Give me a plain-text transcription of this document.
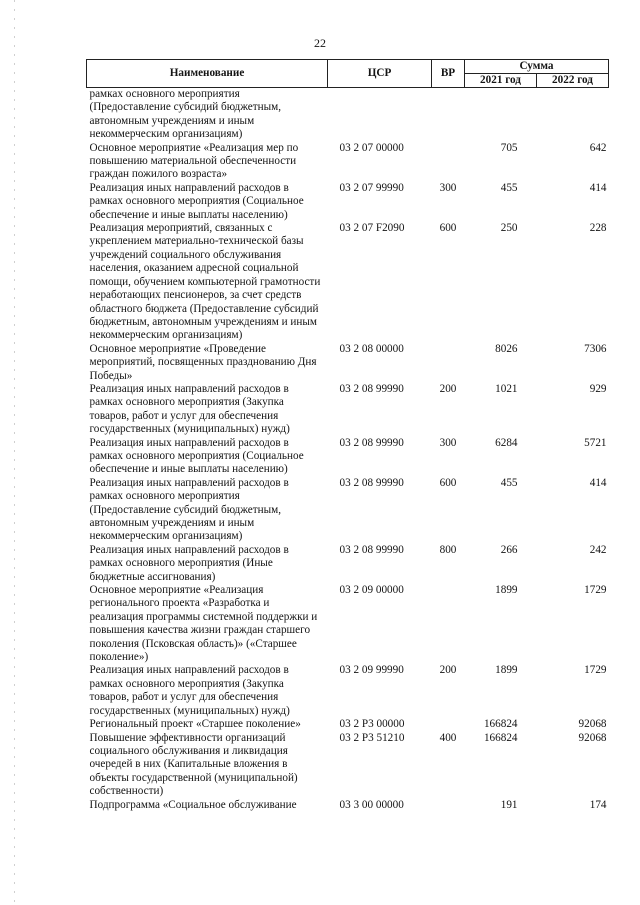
22
Наименование	ЦСР	ВР	Сумма	
			2021 год	2022 год
рамках основного мероприятия (Предоставление субсидий бюджетным, автономным учреждениям и иным некоммерческим организациям)				
Основное мероприятие «Реализация мер по повышению материальной обеспеченности граждан пожилого возраста»	03 2 07 00000		705	642
Реализация иных направлений расходов в рамках основного мероприятия (Социальное обеспечение и иные выплаты населению)	03 2 07 99990	300	455	414
Реализация мероприятий, связанных с укреплением материально-технической базы учреждений социального обслуживания населения, оказанием адресной социальной помощи, обучением компьютерной грамотности неработающих пенсионеров, за счет средств областного бюджета (Предоставление субсидий бюджетным, автономным учреждениям и иным некоммерческим организациям)	03 2 07 F2090	600	250	228
Основное мероприятие «Проведение мероприятий, посвященных празднованию Дня Победы»	03 2 08 00000		8026	7306
Реализация иных направлений расходов в рамках основного мероприятия (Закупка товаров, работ и услуг для обеспечения государственных (муниципальных) нужд)	03 2 08 99990	200	1021	929
Реализация иных направлений расходов в рамках основного мероприятия (Социальное обеспечение и иные выплаты населению)	03 2 08 99990	300	6284	5721
Реализация иных направлений расходов в рамках основного мероприятия (Предоставление субсидий бюджетным, автономным учреждениям и иным некоммерческим организациям)	03 2 08 99990	600	455	414
Реализация иных направлений расходов в рамках основного мероприятия (Иные бюджетные ассигнования)	03 2 08 99990	800	266	242
Основное мероприятие «Реализация регионального проекта «Разработка и реализация программы системной поддержки и повышения качества жизни граждан старшего поколения (Псковская область)» («Старшее поколение»)	03 2 09 00000		1899	1729
Реализация иных направлений расходов в рамках основного мероприятия (Закупка товаров, работ и услуг для обеспечения государственных (муниципальных) нужд)	03 2 09 99990	200	1899	1729
Региональный проект «Старшее поколение»	03 2 P3 00000		166824	92068
Повышение эффективности организаций социального обслуживания и ликвидация очередей в них (Капитальные вложения в объекты государственной (муниципальной) собственности)	03 2 P3 51210	400	166824	92068
Подпрограмма «Социальное обслуживание	03 3 00 00000		191	174
